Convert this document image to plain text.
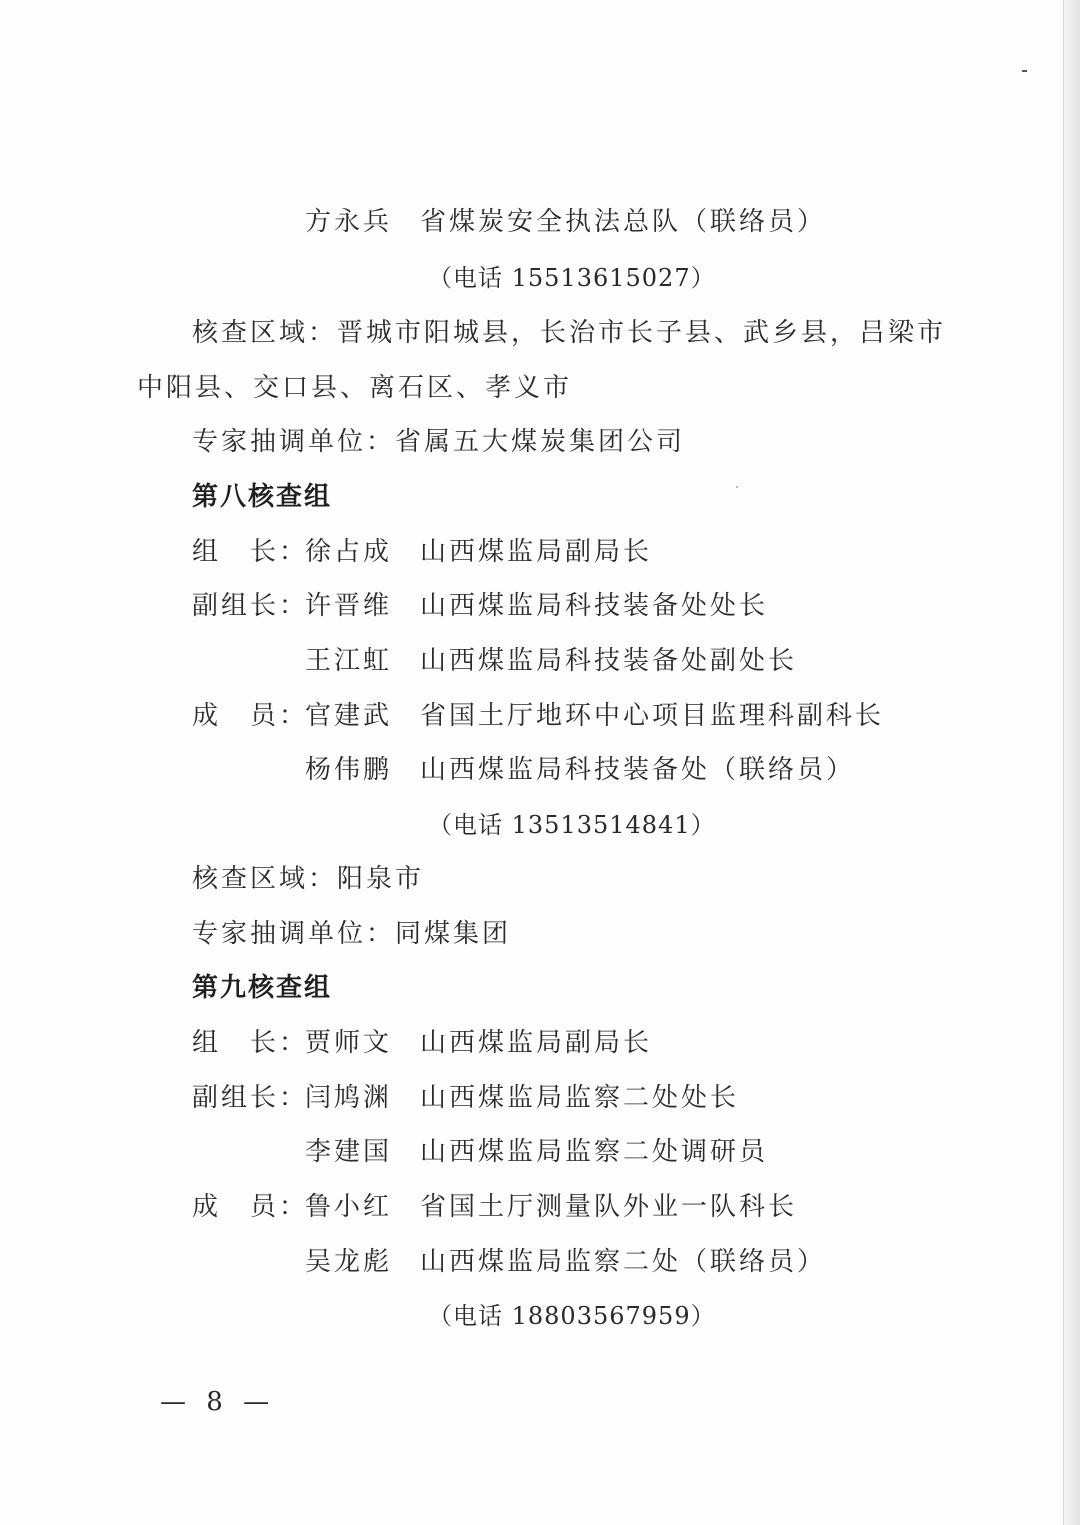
方永兵 省煤炭安全执法总队（联络员）
（电话 15513615027）
核查区域：晋城市阳城县，长治市长子县、武乡县，吕梁市
中阳县、交口县、离石区、孝义市
专家抽调单位：省属五大煤炭集团公司
第八核查组
组　长：
徐占成 山西煤监局副局长
副组长：
许晋维 山西煤监局科技装备处处长
王江虹 山西煤监局科技装备处副处长
成　员：
官建武 省国土厅地环中心项目监理科副科长
杨伟鹏 山西煤监局科技装备处（联络员）
（电话 13513514841）
核查区域：阳泉市
专家抽调单位：同煤集团
第九核查组
组　长：
贾师文 山西煤监局副局长
副组长：
闫鸠渊 山西煤监局监察二处处长
李建国 山西煤监局监察二处调研员
成　员：
鲁小红 省国土厅测量队外业一队科长
吴龙彪 山西煤监局监察二处（联络员）
（电话 18803567959）
— 8 —
